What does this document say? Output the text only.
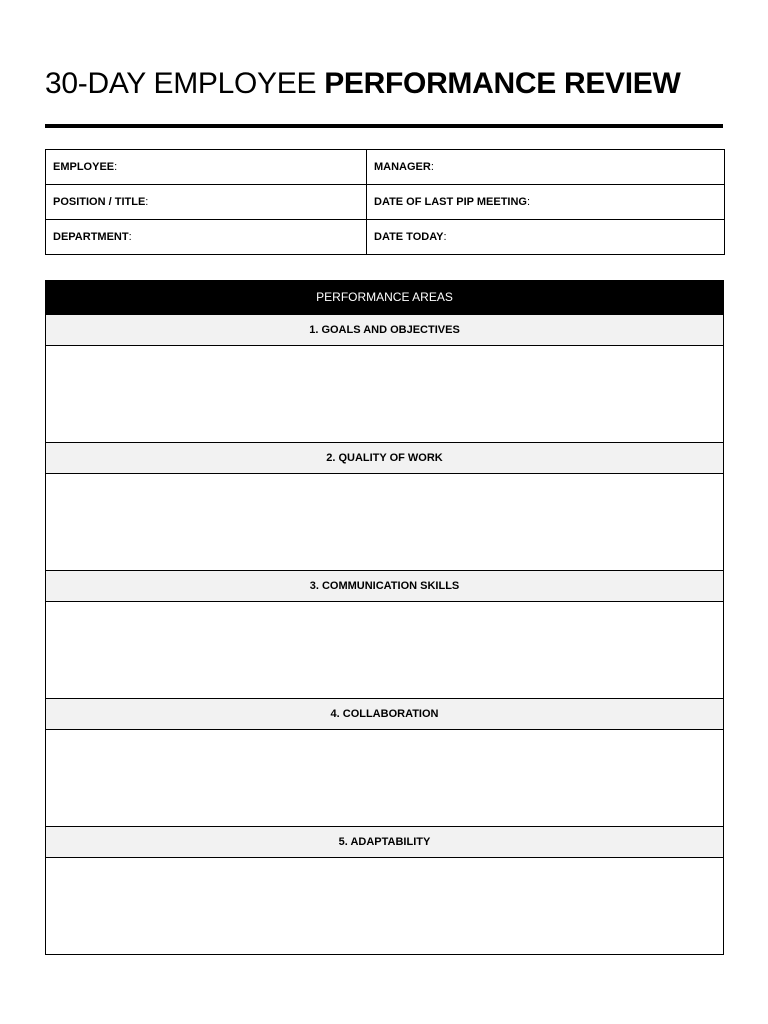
30-DAY EMPLOYEE PERFORMANCE REVIEW
EMPLOYEE:	MANAGER:
POSITION / TITLE:	DATE OF LAST PIP MEETING:
DEPARTMENT:	DATE TODAY:
PERFORMANCE AREAS
1. GOALS AND OBJECTIVES
2. QUALITY OF WORK
3. COMMUNICATION SKILLS
4. COLLABORATION
5. ADAPTABILITY
